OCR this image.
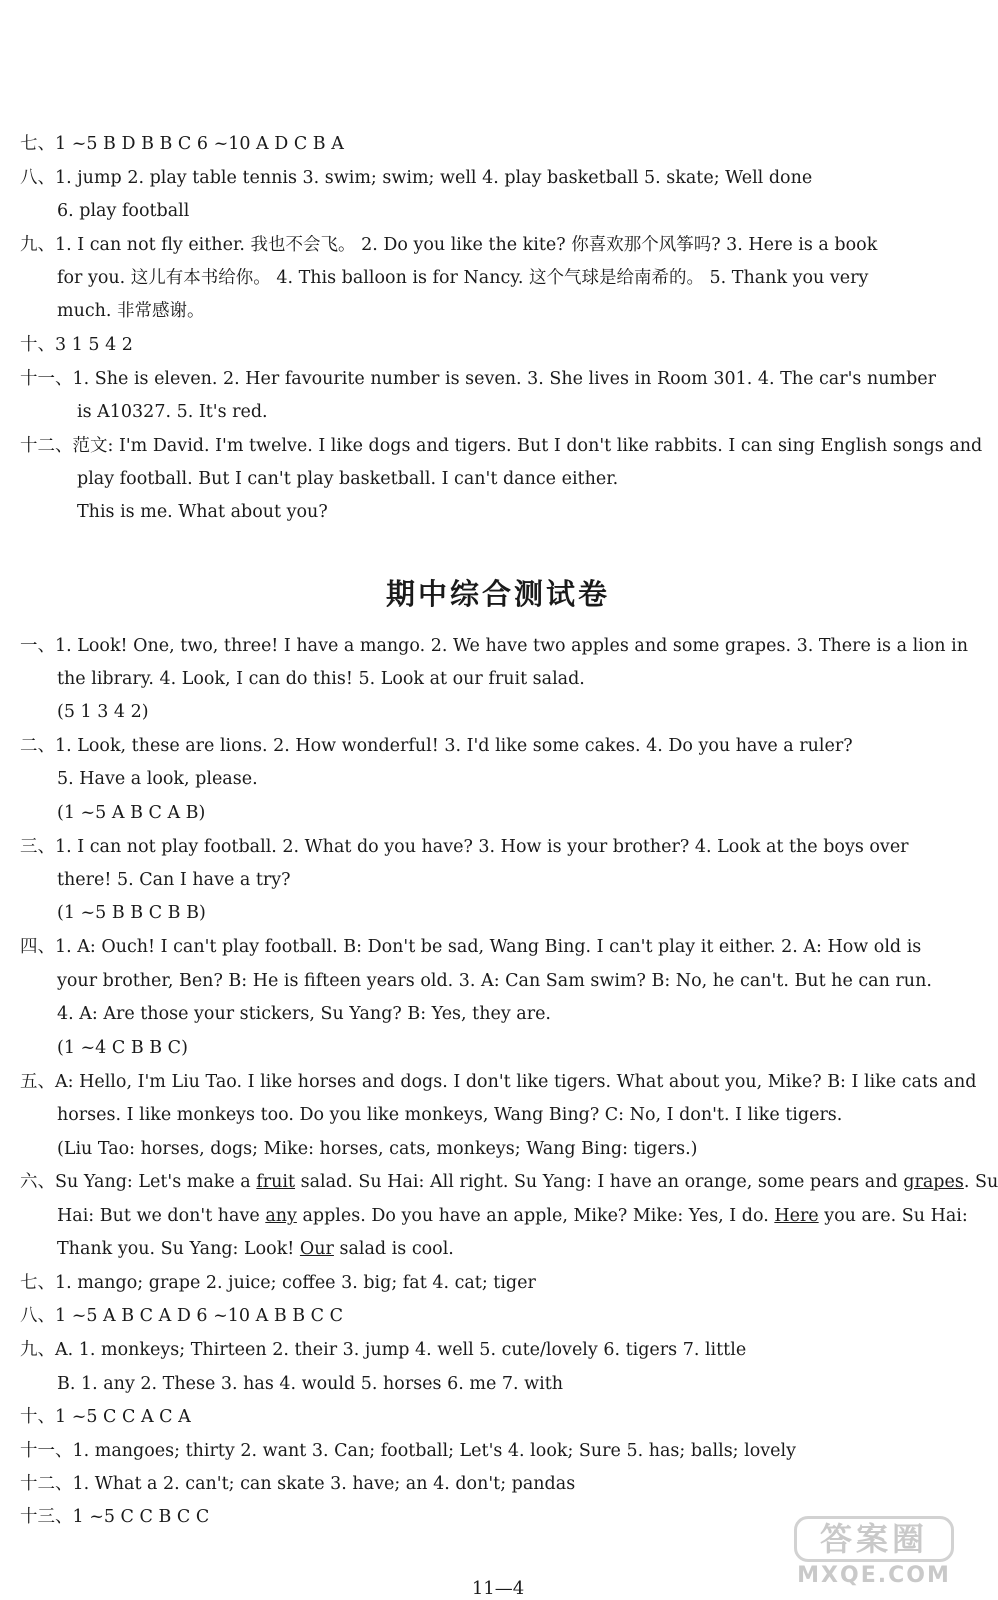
七、1 ~5 B D B B C 6 ~10 A D C B A
八、1. jump 2. play table tennis 3. swim; swim; well 4. play basketball 5. skate; Well done
6. play football
九、1. I can not fly either. 我也不会飞。 2. Do you like the kite? 你喜欢那个风筝吗? 3. Here is a book
for you. 这儿有本书给你。 4. This balloon is for Nancy. 这个气球是给南希的。 5. Thank you very
much. 非常感谢。
十、3 1 5 4 2
十一、1. She is eleven. 2. Her favourite number is seven. 3. She lives in Room 301. 4. The car's number
is A10327. 5. It's red.
十二、范文: I'm David. I'm twelve. I like dogs and tigers. But I don't like rabbits. I can sing English songs and
play football. But I can't play basketball. I can't dance either.
This is me. What about you?
期中综合测试卷
一、1. Look! One, two, three! I have a mango. 2. We have two apples and some grapes. 3. There is a lion in
the library. 4. Look, I can do this! 5. Look at our fruit salad.
(5 1 3 4 2)
二、1. Look, these are lions. 2. How wonderful! 3. I'd like some cakes. 4. Do you have a ruler?
5. Have a look, please.
(1 ~5 A B C A B)
三、1. I can not play football. 2. What do you have? 3. How is your brother? 4. Look at the boys over
there! 5. Can I have a try?
(1 ~5 B B C B B)
四、1. A: Ouch! I can't play football. B: Don't be sad, Wang Bing. I can't play it either. 2. A: How old is
your brother, Ben? B: He is fifteen years old. 3. A: Can Sam swim? B: No, he can't. But he can run.
4. A: Are those your stickers, Su Yang? B: Yes, they are.
(1 ~4 C B B C)
五、A: Hello, I'm Liu Tao. I like horses and dogs. I don't like tigers. What about you, Mike? B: I like cats and
horses. I like monkeys too. Do you like monkeys, Wang Bing? C: No, I don't. I like tigers.
(Liu Tao: horses, dogs; Mike: horses, cats, monkeys; Wang Bing: tigers.)
六、Su Yang: Let's make a fruit salad. Su Hai: All right. Su Yang: I have an orange, some pears and grapes. Su
Hai: But we don't have any apples. Do you have an apple, Mike? Mike: Yes, I do. Here you are. Su Hai:
Thank you. Su Yang: Look! Our salad is cool.
七、1. mango; grape 2. juice; coffee 3. big; fat 4. cat; tiger
八、1 ~5 A B C A D 6 ~10 A B B C C
九、A. 1. monkeys; Thirteen 2. their 3. jump 4. well 5. cute/lovely 6. tigers 7. little
B. 1. any 2. These 3. has 4. would 5. horses 6. me 7. with
十、1 ~5 C C A C A
十一、1. mangoes; thirty 2. want 3. Can; football; Let's 4. look; Sure 5. has; balls; lovely
十二、1. What a 2. can't; can skate 3. have; an 4. don't; pandas
十三、1 ~5 C C B C C
11—4
答案圈
MXQE.COM
